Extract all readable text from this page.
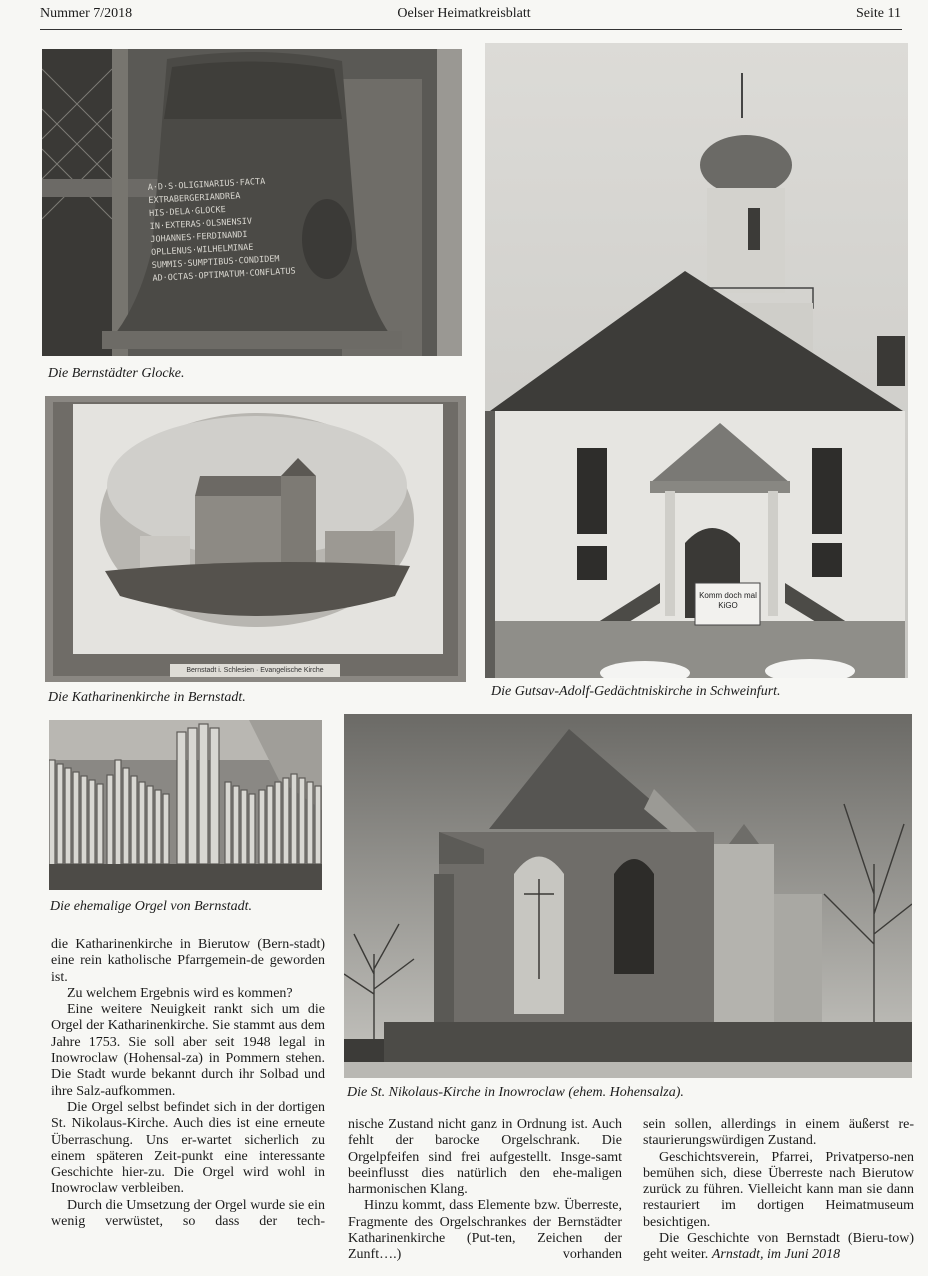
Nummer 7/2018	Oelser Heimatkreisblatt	Seite 11
A·D·S·OLIGINARIUS·FACTA
EXTRABERGERIANDREA
HIS·DELA·GLOCKE
IN·EXTERAS·OLSNENSIV
JOHANNES·FERDINANDI
OPLLENUS·WILHELMINAE
SUMMIS·SUMPTIBUS·CONDIDEM
AD·OCTAS·OPTIMATUM·CONFLATUS
Die Bernstädter Glocke.
Bernstadt i. Schlesien · Evangelische Kirche
Die Katharinenkirche in Bernstadt.
Komm doch mal KiGO
Die Gutsav-Adolf-Gedächtniskirche in Schweinfurt.
Die ehemalige Orgel von Bernstadt.
Die St. Nikolaus-Kirche in Inowroclaw (ehem. Hohensalza).

die Katharinenkirche in Bierutow (Bern-stadt) eine rein katholische Pfarrgemein-de geworden ist.

Zu welchem Ergebnis wird es kommen?

Eine weitere Neuigkeit rankt sich um die Orgel der Katharinenkirche. Sie stammt aus dem Jahre 1753. Sie soll aber seit 1948 legal in Inowroclaw (Hohensal-za) in Pommern stehen. Die Stadt wurde bekannt durch ihr Solbad und ihre Salz-aufkommen.

Die Orgel selbst befindet sich in der dortigen St. Nikolaus-Kirche. Auch dies ist eine erneute Überraschung. Uns er-wartet sicherlich zu einem späteren Zeit-punkt eine interessante Geschichte hier-zu. Die Orgel wird wohl in Inowroclaw verbleiben.

Durch die Umsetzung der Orgel wurde sie ein wenig verwüstet, so dass der tech-

nische Zustand nicht ganz in Ordnung ist. Auch fehlt der barocke Orgelschrank. Die Orgelpfeifen sind frei aufgestellt. Insge-samt beeinflusst dies natürlich den ehe-maligen harmonischen Klang.

Hinzu kommt, dass Elemente bzw. Überreste, Fragmente des Orgelschrankes der Bernstädter Katharinenkirche (Put-ten, Zeichen der Zunft….) vorhanden

sein sollen, allerdings in einem äußerst re-staurierungswürdigen Zustand.

Geschichtsverein, Pfarrei, Privatperso-nen bemühen sich, diese Überreste nach Bierutow zurück zu führen. Vielleicht kann man sie dann restauriert im dortigen Heimatmuseum besichtigen.

Die Geschichte von Bernstadt (Bieru-tow) geht weiter. Arnstadt, im Juni 2018
